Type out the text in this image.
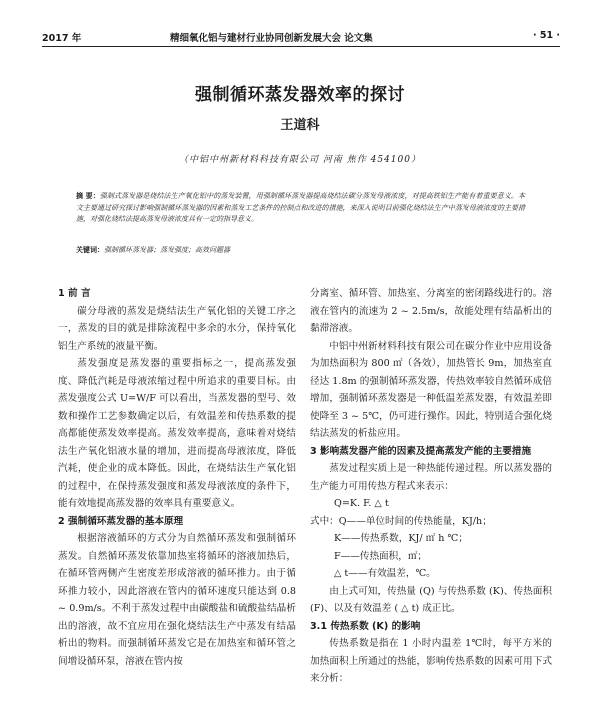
2017 年	精细氧化铝与建材行业协同创新发展大会 论文集	· 51 ·
强制循环蒸发器效率的探讨
王道科
（中铝中州新材料科技有限公司 河南 焦作 454100）
摘 要：强制式蒸发器是烧结法生产氧化铝中的蒸发装置，用强制循环蒸发器提高烧结法碳分蒸发母液浓度，对提高铁铝生产能有着重要意义。本文主要通过研究探讨影响强制循环蒸发器的因素和蒸发工艺条件的控制点和改进的措施，来深入说明目前强化烧结法生产中蒸发母液浓度的主要措施，对强化烧结法提高蒸发母液浓度具有一定的指导意义。
关键词：强制循环蒸发器；蒸发强度；高效问题器
1 前 言

碳分母液的蒸发是烧结法生产氧化铝的关键工序之一，蒸发的目的就是排除流程中多余的水分，保持氧化铝生产系统的液量平衡。

蒸发强度是蒸发器的重要指标之一，提高蒸发强度、降低汽耗是母液浓缩过程中所追求的重要目标。由蒸发强度公式 U=W/F 可以看出，当蒸发器的型号、效数和操作工艺参数确定以后，有效温差和传热系数的提高都能使蒸发效率提高。蒸发效率提高，意味着对烧结法生产氧化铝液水量的增加，进而提高母液浓度，降低汽耗，使企业的成本降低。因此，在烧结法生产氧化铝的过程中，在保持蒸发强度和蒸发母液浓度的条件下，能有效地提高蒸发器的效率具有重要意义。

2 强制循环蒸发器的基本原理

根据溶液循环的方式分为自然循环蒸发和强制循环蒸发。自然循环蒸发依靠加热室将循环的溶液加热后，在循环管两侧产生密度差形成溶液的循环推力。由于循环推力较小，因此溶液在管内的循环速度只能达到 0.8 ~ 0.9m/s。不利于蒸发过程中由碳酸盐和硫酸盐结晶析出的溶液，故不宜应用在强化烧结法生产中蒸发有结晶析出的物料。而强制循环蒸发它是在加热室和循环管之间增设循环泵，溶液在管内按

分离室、循环管、加热室、分离室的密闭路线进行的。溶液在管内的流速为 2 ~ 2.5m/s，故能处理有结晶析出的黏滞溶液。

中铝中州新材料科技有限公司在碳分作业中应用设备为加热面积为 800 ㎡（各效），加热管长 9m，加热室直径达 1.8m 的强制循环蒸发器，传热效率较自然循环成倍增加，强制循环蒸发器是一种低温差蒸发器，有效温差即使降至 3 ~ 5℃，仍可进行操作。因此，特别适合强化烧结法蒸发的析盐应用。

3 影响蒸发器产能的因素及提高蒸发产能的主要措施

蒸发过程实质上是一种热能传递过程。所以蒸发器的生产能力可用传热方程式来表示：

Q=K. F. △ t

式中：Q——单位时间的传热能量，KJ/h；

K——传热系数，KJ/ ㎡ h ℃；

F——传热面积，㎡；

△ t——有效温差，℃。

由上式可知，传热量 (Q) 与传热系数 (K)、传热面积 (F)、以及有效温差 ( △ t) 成正比。

3.1 传热系数 (K) 的影响

传热系数是指在 1 小时内温差 1℃时，每平方米的加热面积上所通过的热能，影响传热系数的因素可用下式来分析：
